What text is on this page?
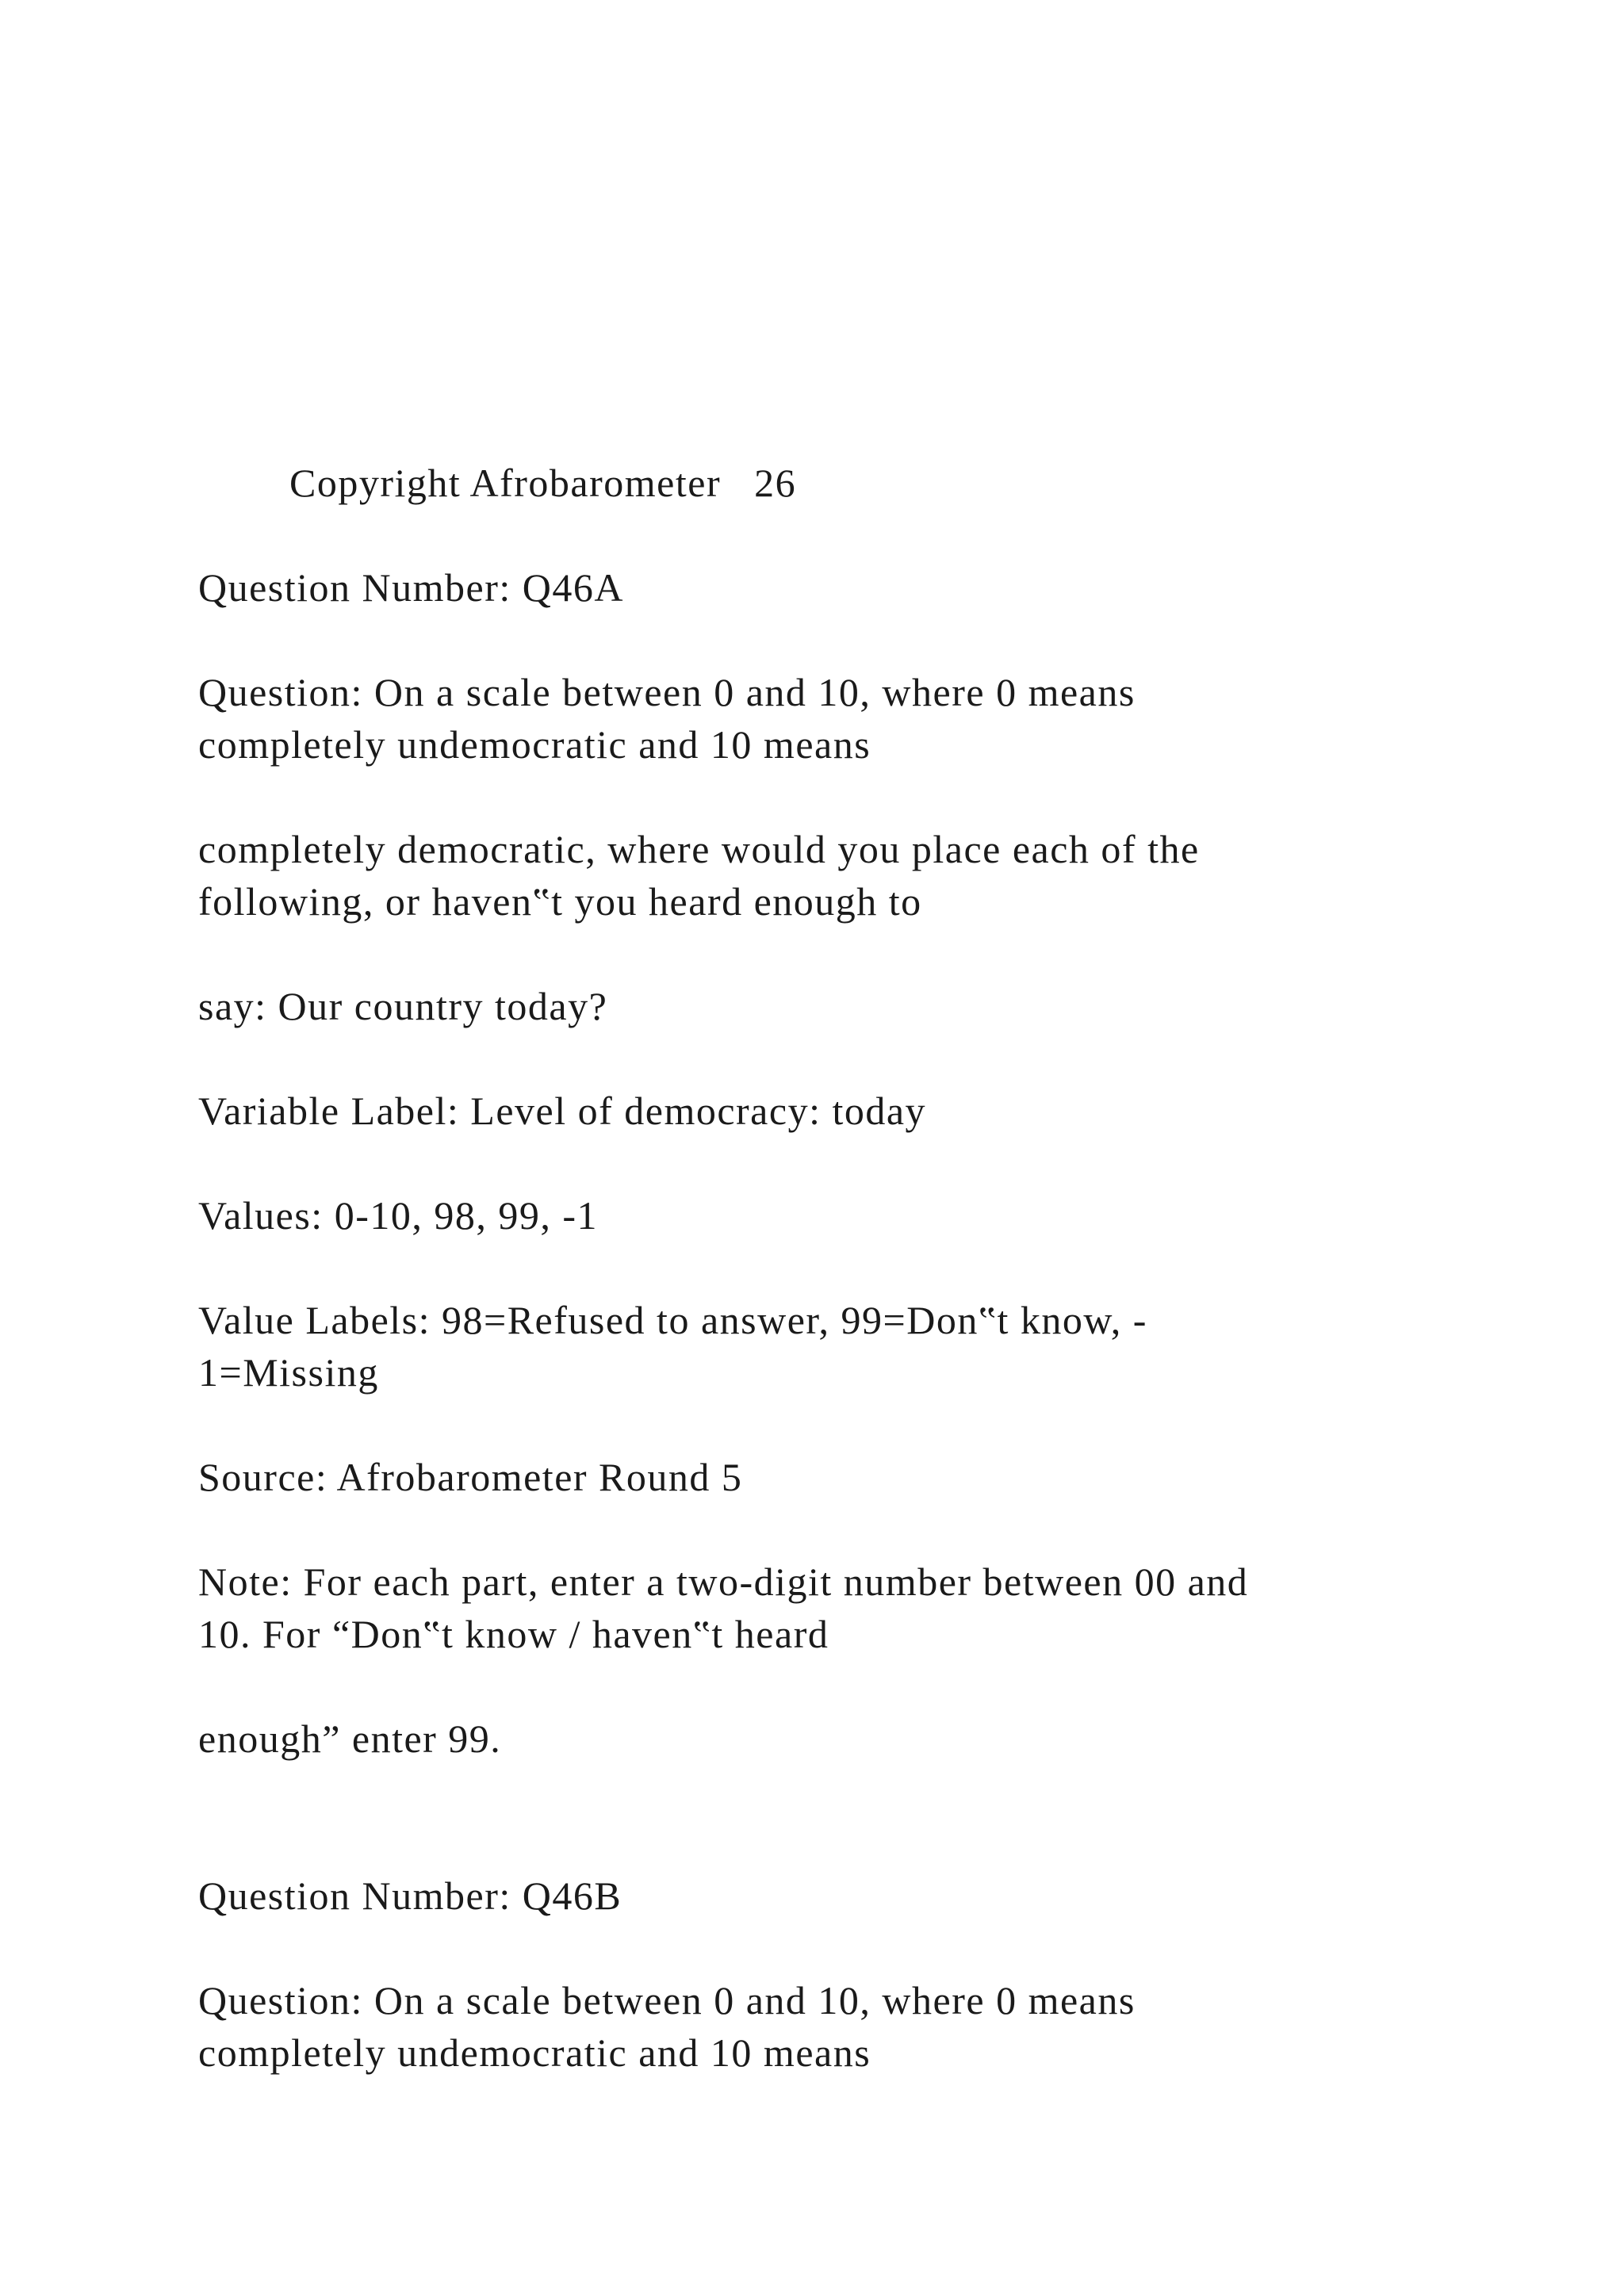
Copyright Afrobarometer   26
Question Number: Q46A
Question: On a scale between 0 and 10, where 0 means
completely undemocratic and 10 means
completely democratic, where would you place each of the
following, or haven‟t you heard enough to
say: Our country today?
Variable Label: Level of democracy: today
Values: 0-10, 98, 99, -1
Value Labels: 98=Refused to answer, 99=Don‟t know, -
1=Missing
Source: Afrobarometer Round 5
Note: For each part, enter a two-digit number between 00 and
10. For “Don‟t know / haven‟t heard
enough” enter 99.
Question Number: Q46B
Question: On a scale between 0 and 10, where 0 means
completely undemocratic and 10 means
